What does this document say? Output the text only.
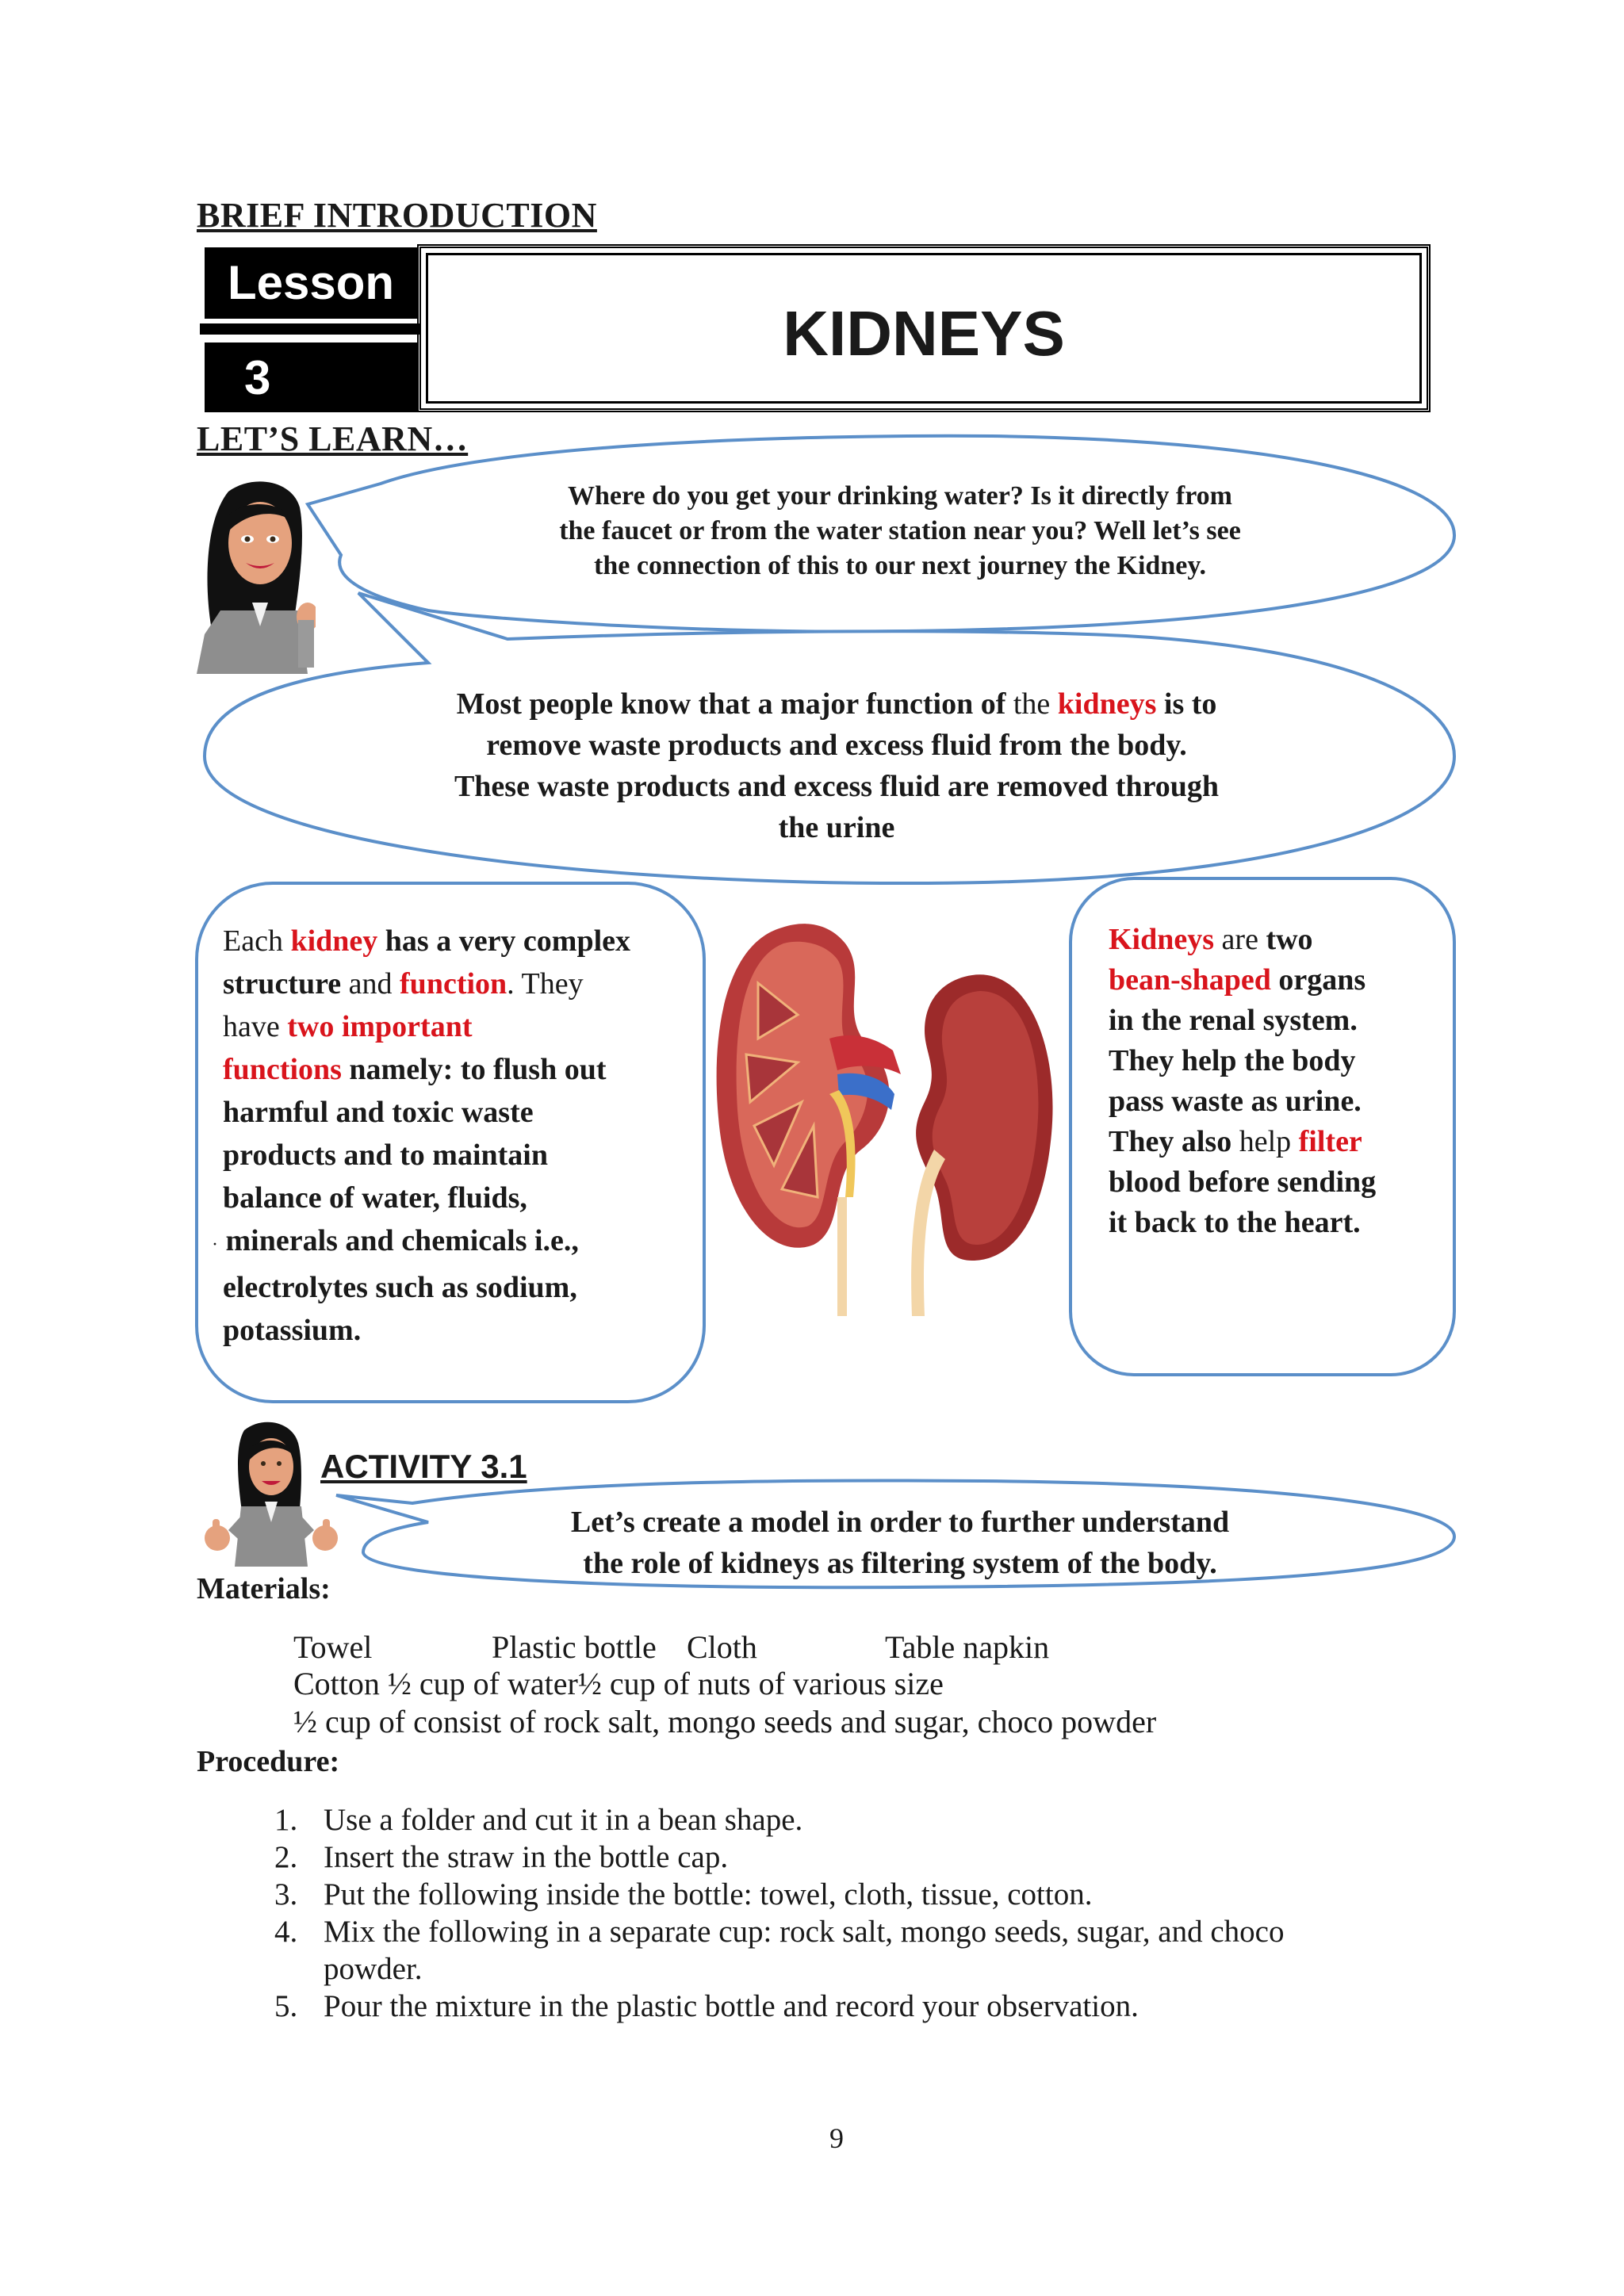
BRIEF INTRODUCTION
Lesson
3
KIDNEYS
LET’S LEARN…
Where do you get your drinking water? Is it directly from
the faucet or from the water station near you? Well let’s see
the connection of this to our next journey the Kidney.
Most people know that a major function of the kidneys is to
remove waste products and excess fluid from the body.
These waste products and excess fluid are removed through
the urine
Each kidney has a very complex
structure and function. They
have two important
functions namely: to flush out
harmful and toxic waste
products and to maintain
balance of water, fluids,
· minerals and chemicals i.e.,
electrolytes such as sodium,
potassium.
Kidneys are two
bean-shaped organs
in the renal system.
They help the body
pass waste as urine.
They also help filter
blood before sending
it back to the heart.
ACTIVITY 3.1
Let’s create a model in order to further understand
the role of kidneys as filtering system of the body.
Materials:
Towel	Plastic bottle Cloth	Table napkin
Cotton ½ cup of water½ cup of nuts of various size
½ cup of consist of rock salt, mongo seeds and sugar, choco powder
Procedure:
1. Use a folder and cut it in a bean shape.
2. Insert the straw in the bottle cap.
3. Put the following inside the bottle: towel, cloth, tissue, cotton.
4. Mix the following in a separate cup: rock salt, mongo seeds, sugar, and choco
powder.
5. Pour the mixture in the plastic bottle and record your observation.
9
